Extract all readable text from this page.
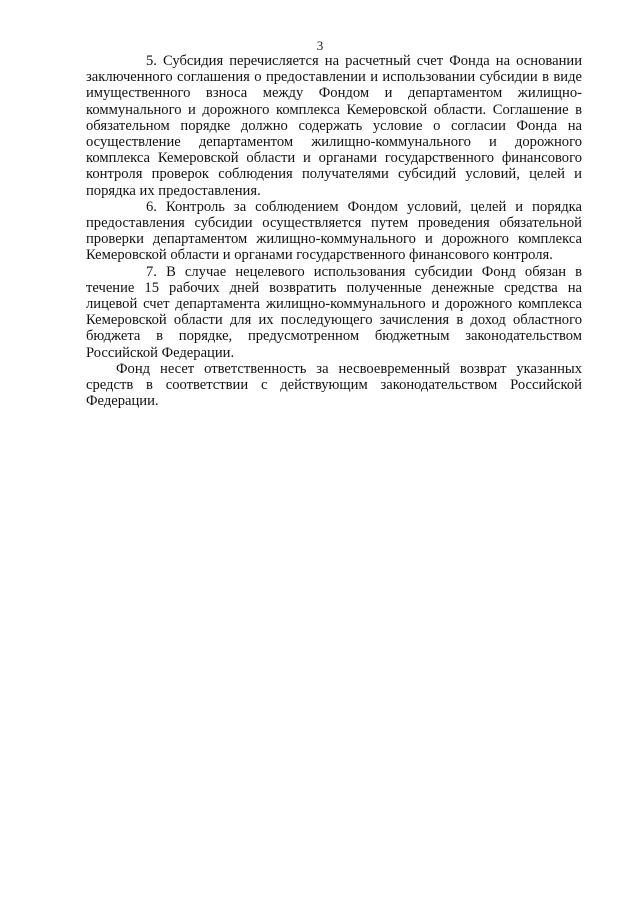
3

5. Субсидия перечисляется на расчетный счет Фонда на основании заключенного соглашения о предоставлении и использовании субсидии в виде имущественного взноса между Фондом и департаментом жилищно-коммунального и дорожного комплекса Кемеровской области. Соглашение в обязательном порядке должно содержать условие о согласии Фонда на осуществление департаментом жилищно-коммунального и дорожного комплекса Кемеровской области и органами государственного финансового контроля проверок соблюдения получателями субсидий условий, целей и порядка их предоставления.

6. Контроль за соблюдением Фондом условий, целей и порядка предоставления субсидии осуществляется путем проведения обязательной проверки департаментом жилищно-коммунального и дорожного комплекса Кемеровской области и органами государственного финансового контроля.

7. В случае нецелевого использования субсидии Фонд обязан в течение 15 рабочих дней возвратить полученные денежные средства на лицевой счет департамента жилищно-коммунального и дорожного комплекса Кемеровской области для их последующего зачисления в доход областного бюджета в порядке, предусмотренном бюджетным законодательством Российской Федерации.

Фонд несет ответственность за несвоевременный возврат указанных средств в соответствии с действующим законодательством Российской Федерации.
